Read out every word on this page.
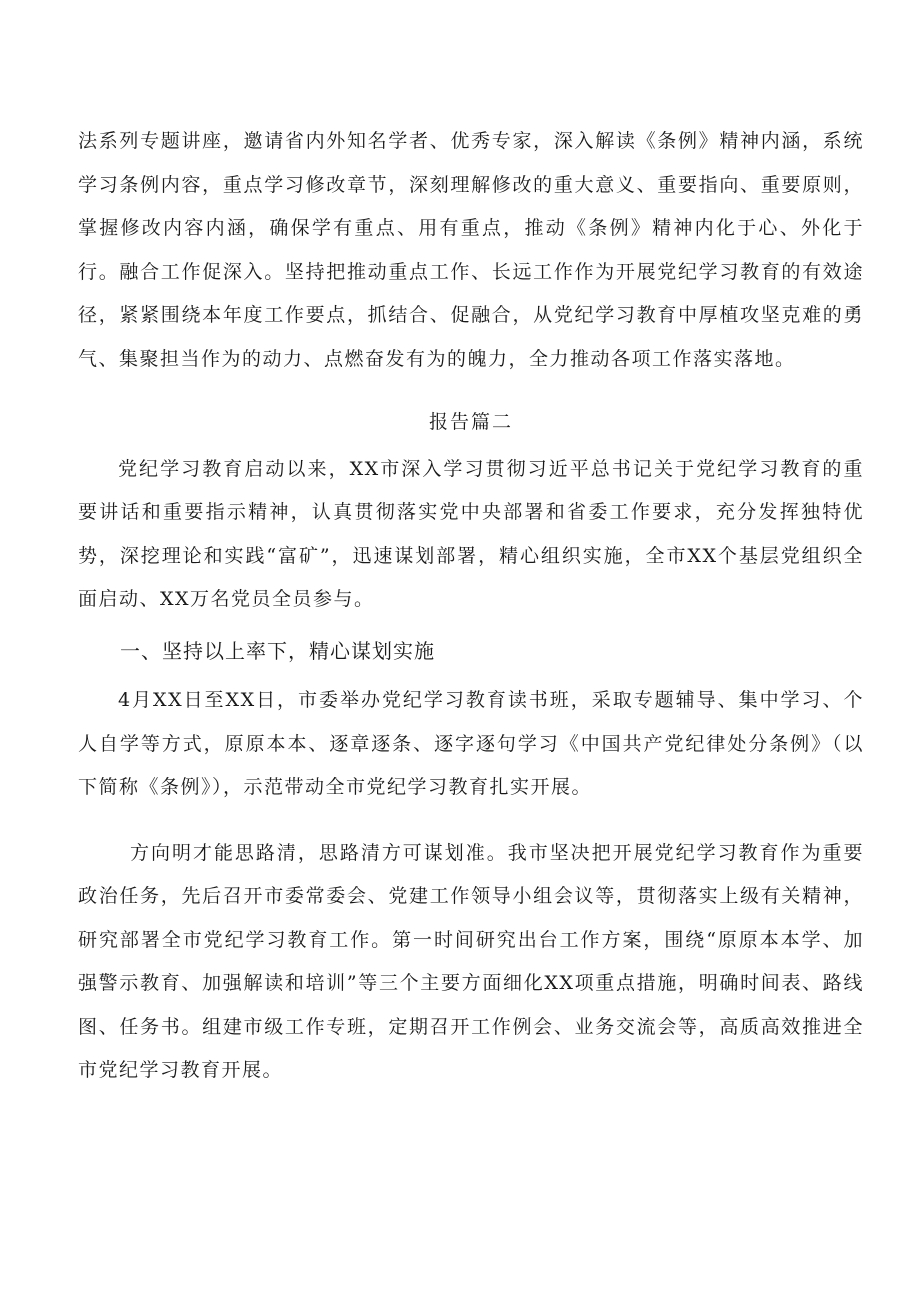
法系列专题讲座，邀请省内外知名学者、优秀专家，深入解读《条例》精神内涵，系统学习条例内容，重点学习修改章节，深刻理解修改的重大意义、重要指向、重要原则，掌握修改内容内涵，确保学有重点、用有重点，推动《条例》精神内化于心、外化于行。融合工作促深入。坚持把推动重点工作、长远工作作为开展党纪学习教育的有效途径，紧紧围绕本年度工作要点，抓结合、促融合，从党纪学习教育中厚植攻坚克难的勇气、集聚担当作为的动力、点燃奋发有为的魄力，全力推动各项工作落实落地。

报告篇二

党纪学习教育启动以来，XX市深入学习贯彻习近平总书记关于党纪学习教育的重要讲话和重要指示精神，认真贯彻落实党中央部署和省委工作要求，充分发挥独特优势，深挖理论和实践“富矿”，迅速谋划部署，精心组织实施，全市XX个基层党组织全面启动、XX万名党员全员参与。

一、坚持以上率下，精心谋划实施

4月XX日至XX日，市委举办党纪学习教育读书班，采取专题辅导、集中学习、个人自学等方式，原原本本、逐章逐条、逐字逐句学习《中国共产党纪律处分条例》（以下简称《条例》），示范带动全市党纪学习教育扎实开展。

方向明才能思路清，思路清方可谋划准。我市坚决把开展党纪学习教育作为重要政治任务，先后召开市委常委会、党建工作领导小组会议等，贯彻落实上级有关精神，研究部署全市党纪学习教育工作。第一时间研究出台工作方案，围绕“原原本本学、加强警示教育、加强解读和培训”等三个主要方面细化XX项重点措施，明确时间表、路线图、任务书。组建市级工作专班，定期召开工作例会、业务交流会等，高质高效推进全市党纪学习教育开展。
